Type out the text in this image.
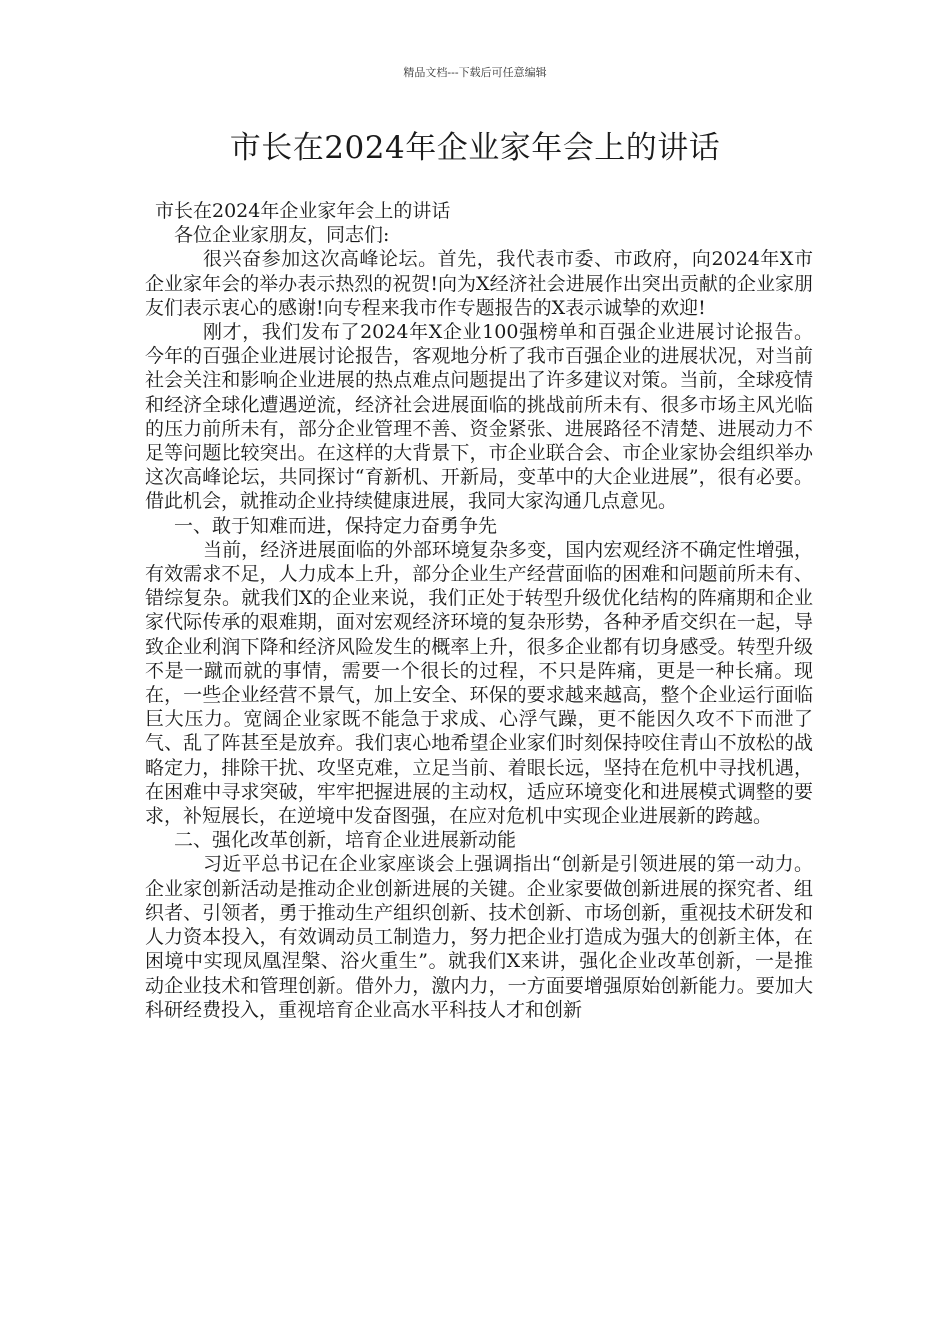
精品文档---下载后可任意编辑
市长在2024年企业家年会上的讲话

市长在2024年企业家年会上的讲话

各位企业家朋友，同志们:

很兴奋参加这次高峰论坛。首先，我代表市委、市政府，向2024年X市企业家年会的举办表示热烈的祝贺!向为X经济社会进展作出突出贡献的企业家朋友们表示衷心的感谢!向专程来我市作专题报告的X表示诚挚的欢迎!

刚才，我们发布了2024年X企业100强榜单和百强企业进展讨论报告。今年的百强企业进展讨论报告，客观地分析了我市百强企业的进展状况，对当前社会关注和影响企业进展的热点难点问题提出了许多建议对策。当前，全球疫情和经济全球化遭遇逆流，经济社会进展面临的挑战前所未有、很多市场主风光临的压力前所未有，部分企业管理不善、资金紧张、进展路径不清楚、进展动力不足等问题比较突出。在这样的大背景下，市企业联合会、市企业家协会组织举办这次高峰论坛，共同探讨“育新机、开新局，变革中的大企业进展”，很有必要。借此机会，就推动企业持续健康进展，我同大家沟通几点意见。

一、敢于知难而进，保持定力奋勇争先

当前，经济进展面临的外部环境复杂多变，国内宏观经济不确定性增强，有效需求不足，人力成本上升，部分企业生产经营面临的困难和问题前所未有、错综复杂。就我们X的企业来说，我们正处于转型升级优化结构的阵痛期和企业家代际传承的艰难期，面对宏观经济环境的复杂形势，各种矛盾交织在一起，导致企业利润下降和经济风险发生的概率上升，很多企业都有切身感受。转型升级不是一蹴而就的事情，需要一个很长的过程，不只是阵痛，更是一种长痛。现在，一些企业经营不景气，加上安全、环保的要求越来越高，整个企业运行面临巨大压力。宽阔企业家既不能急于求成、心浮气躁，更不能因久攻不下而泄了气、乱了阵甚至是放弃。我们衷心地希望企业家们时刻保持咬住青山不放松的战略定力，排除干扰、攻坚克难，立足当前、着眼长远，坚持在危机中寻找机遇，在困难中寻求突破，牢牢把握进展的主动权，适应环境变化和进展模式调整的要求，补短展长，在逆境中发奋图强，在应对危机中实现企业进展新的跨越。

二、强化改革创新，培育企业进展新动能

习近平总书记在企业家座谈会上强调指出“创新是引领进展的第一动力。企业家创新活动是推动企业创新进展的关键。企业家要做创新进展的探究者、组织者、引领者，勇于推动生产组织创新、技术创新、市场创新，重视技术研发和人力资本投入，有效调动员工制造力，努力把企业打造成为强大的创新主体，在困境中实现凤凰涅槃、浴火重生”。就我们X来讲，强化企业改革创新，一是推动企业技术和管理创新。借外力，激内力，一方面要增强原始创新能力。要加大科研经费投入，重视培育企业高水平科技人才和创新
